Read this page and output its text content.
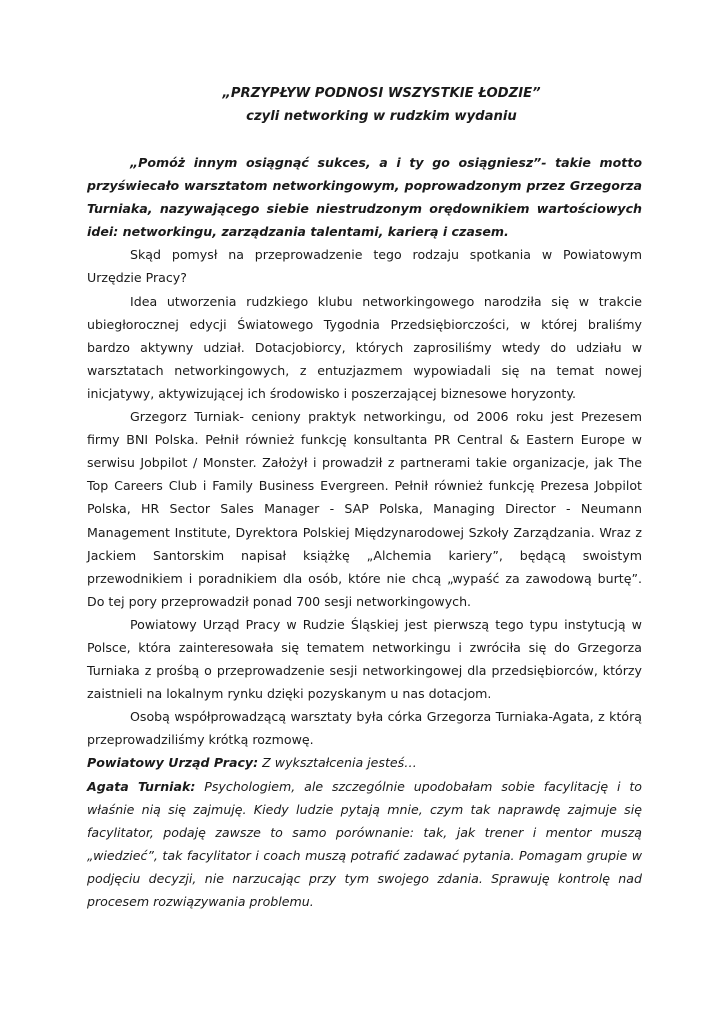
„PRZYPŁYW PODNOSI WSZYSTKIE ŁODZIE”
czyli networking w rudzkim wydaniu

„Pomóż innym osiągnąć sukces, a i ty go osiągniesz”- takie motto przyświecało warsztatom networkingowym, poprowadzonym przez Grzegorza Turniaka, nazywającego siebie niestrudzonym orędownikiem wartościowych idei: networkingu, zarządzania talentami, karierą i czasem.

Skąd pomysł na przeprowadzenie tego rodzaju spotkania w Powiatowym Urzędzie Pracy?

Idea utworzenia rudzkiego klubu networkingowego narodziła się w trakcie ubiegłorocznej edycji Światowego Tygodnia Przedsiębiorczości, w której braliśmy bardzo aktywny udział. Dotacjobiorcy, których zaprosiliśmy wtedy do udziału w warsztatach networkingowych, z entuzjazmem wypowiadali się na temat nowej inicjatywy, aktywizującej ich środowisko i poszerzającej biznesowe horyzonty.

Grzegorz Turniak- ceniony praktyk networkingu, od 2006 roku jest Prezesem firmy BNI Polska. Pełnił również funkcję konsultanta PR Central & Eastern Europe w serwisu Jobpilot / Monster. Założył i prowadził z partnerami takie organizacje, jak The Top Careers Club i Family Business Evergreen. Pełnił również funkcję Prezesa Jobpilot Polska, HR Sector Sales Manager - SAP Polska, Managing Director - Neumann Management Institute, Dyrektora Polskiej Międzynarodowej Szkoły Zarządzania. Wraz z Jackiem Santorskim napisał książkę „Alchemia kariery”, będącą swoistym przewodnikiem i poradnikiem dla osób, które nie chcą „wypaść za zawodową burtę”. Do tej pory przeprowadził ponad 700 sesji networkingowych.

Powiatowy Urząd Pracy w Rudzie Śląskiej jest pierwszą tego typu instytucją w Polsce, która zainteresowała się tematem networkingu i zwróciła się do Grzegorza Turniaka z prośbą o przeprowadzenie sesji networkingowej dla przedsiębiorców, którzy zaistnieli na lokalnym rynku dzięki pozyskanym u nas dotacjom.

Osobą współprowadzącą warsztaty była córka Grzegorza Turniaka-Agata, z którą przeprowadziliśmy krótką rozmowę.

Powiatowy Urząd Pracy: Z wykształcenia jesteś…

Agata Turniak: Psychologiem, ale szczególnie upodobałam sobie facylitację i to właśnie nią się zajmuję. Kiedy ludzie pytają mnie, czym tak naprawdę zajmuje się facylitator, podaję zawsze to samo porównanie: tak, jak trener i mentor muszą „wiedzieć”, tak facylitator i coach muszą potrafić zadawać pytania. Pomagam grupie w podjęciu decyzji, nie narzucając przy tym swojego zdania. Sprawuję kontrolę nad procesem rozwiązywania problemu.
